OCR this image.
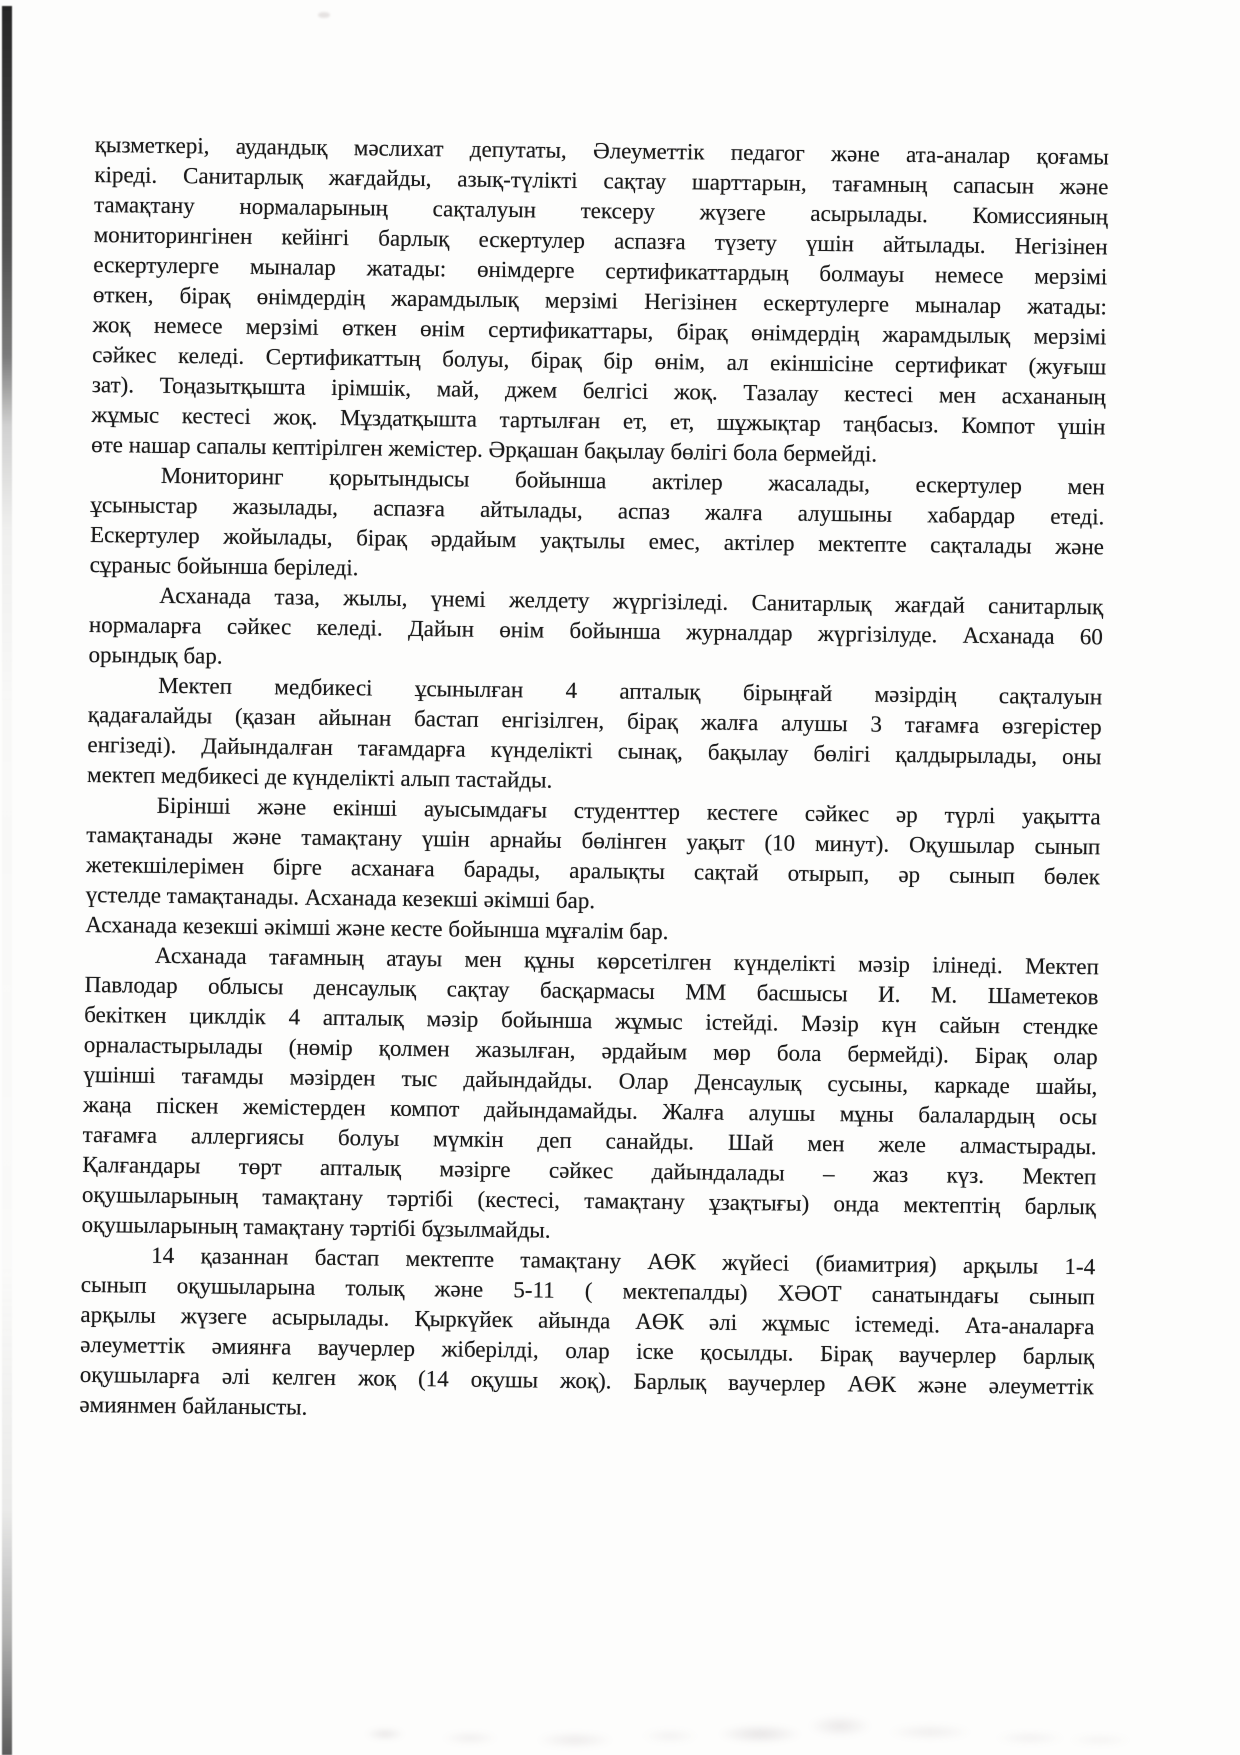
қызметкері, аудандық мәслихат депутаты, Әлеуметтік педагог және ата-аналар қоғамы
кіреді. Санитарлық жағдайды, азық-түлікті сақтау шарттарын, тағамның сапасын және
тамақтану нормаларының сақталуын тексеру жүзеге асырылады. Комиссияның
мониторингінен кейінгі барлық ескертулер аспазға түзету үшін айтылады. Негізінен
ескертулерге мыналар жатады: өнімдерге сертификаттардың болмауы немесе мерзімі
өткен, бірақ өнімдердің жарамдылық мерзімі Негізінен ескертулерге мыналар жатады:
жоқ немесе мерзімі өткен өнім сертификаттары, бірақ өнімдердің жарамдылық мерзімі
сәйкес келеді. Сертификаттың болуы, бірақ бір өнім, ал екіншісіне сертификат (жуғыш
зат). Тоңазытқышта ірімшік, май, джем белгісі жоқ. Тазалау кестесі мен асхананың
жұмыс кестесі жоқ. Мұздатқышта тартылған ет, ет, шұжықтар таңбасыз. Компот үшін
өте нашар сапалы кептірілген жемістер. Әрқашан бақылау бөлігі бола бермейді.
Мониторинг қорытындысы бойынша актілер жасалады, ескертулер мен
ұсыныстар жазылады, аспазға айтылады, аспаз жалға алушыны хабардар етеді.
Ескертулер жойылады, бірақ әрдайым уақтылы емес, актілер мектепте сақталады және
сұраныс бойынша беріледі.
Асханада таза, жылы, үнемі желдету жүргізіледі. Санитарлық жағдай санитарлық
нормаларға сәйкес келеді. Дайын өнім бойынша журналдар жүргізілуде. Асханада 60
орындық бар.
Мектеп медбикесі ұсынылған 4 апталық бірыңғай мәзірдің сақталуын
қадағалайды (қазан айынан бастап енгізілген, бірақ жалға алушы 3 тағамға өзгерістер
енгізеді). Дайындалған тағамдарға күнделікті сынақ, бақылау бөлігі қалдырылады, оны
мектеп медбикесі де күнделікті алып тастайды.
Бірінші және екінші ауысымдағы студенттер кестеге сәйкес әр түрлі уақытта
тамақтанады және тамақтану үшін арнайы бөлінген уақыт (10 минут). Оқушылар сынып
жетекшілерімен бірге асханаға барады, аралықты сақтай отырып, әр сынып бөлек
үстелде тамақтанады. Асханада кезекші әкімші бар.
Асханада кезекші әкімші және кесте бойынша мұғалім бар.
Асханада тағамның атауы мен құны көрсетілген күнделікті мәзір ілінеді. Мектеп
Павлодар облысы денсаулық сақтау басқармасы ММ басшысы И. М. Шаметеков
бекіткен циклдік 4 апталық мәзір бойынша жұмыс істейді. Мәзір күн сайын стендке
орналастырылады (нөмір қолмен жазылған, әрдайым мөр бола бермейді). Бірақ олар
үшінші тағамды мәзірден тыс дайындайды. Олар Денсаулық сусыны, каркаде шайы,
жаңа піскен жемістерден компот дайындамайды. Жалға алушы мұны балалардың осы
тағамға аллергиясы болуы мүмкін деп санайды. Шай мен желе алмастырады.
Қалғандары төрт апталық мәзірге сәйкес дайындалады – жаз күз. Мектеп
оқушыларының тамақтану тәртібі (кестесі, тамақтану ұзақтығы) онда мектептің барлық
оқушыларының тамақтану тәртібі бұзылмайды.
14 қазаннан бастап мектепте тамақтану АӨК жүйесі (биамитрия) арқылы 1-4
сынып оқушыларына толық және 5-11 ( мектепалды) ХӘОТ санатындағы сынып
арқылы жүзеге асырылады. Қыркүйек айында АӨК әлі жұмыс істемеді. Ата-аналарға
әлеуметтік әмиянға ваучерлер жіберілді, олар іске қосылды. Бірақ ваучерлер барлық
оқушыларға әлі келген жоқ (14 оқушы жоқ). Барлық ваучерлер АӨК және әлеуметтік
әмиянмен байланысты.
